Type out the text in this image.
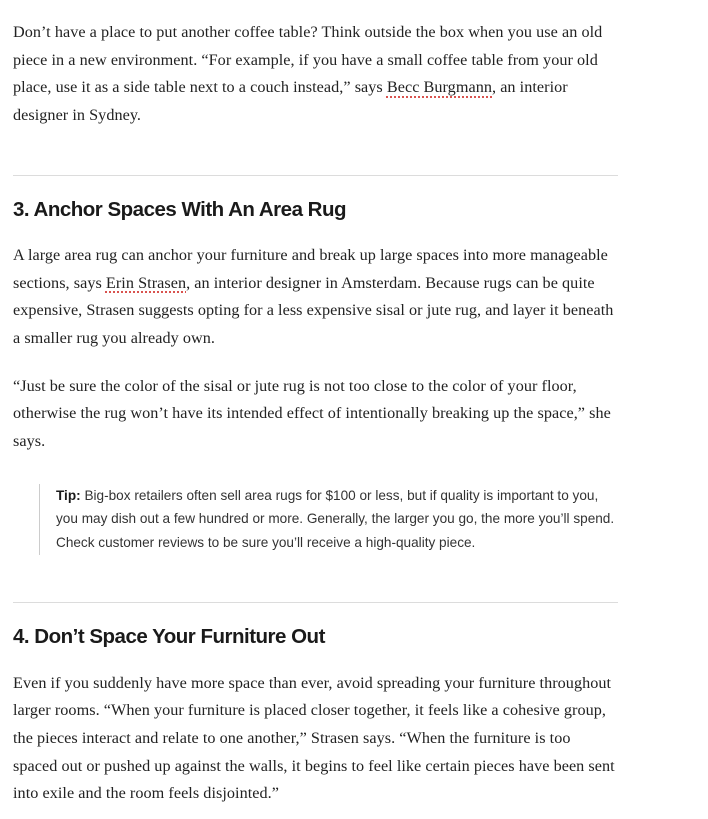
Don’t have a place to put another coffee table? Think outside the box when you use an old piece in a new environment. “For example, if you have a small coffee table from your old place, use it as a side table next to a couch instead,” says Becc Burgmann, an interior designer in Sydney.

3. Anchor Spaces With An Area Rug

A large area rug can anchor your furniture and break up large spaces into more manageable sections, says Erin Strasen, an interior designer in Amsterdam. Because rugs can be quite expensive, Strasen suggests opting for a less expensive sisal or jute rug, and layer it beneath a smaller rug you already own.

“Just be sure the color of the sisal or jute rug is not too close to the color of your floor, otherwise the rug won’t have its intended effect of intentionally breaking up the space,” she says.

Tip: Big-box retailers often sell area rugs for $100 or less, but if quality is important to you, you may dish out a few hundred or more. Generally, the larger you go, the more you’ll spend. Check customer reviews to be sure you’ll receive a high-quality piece.

4. Don’t Space Your Furniture Out

Even if you suddenly have more space than ever, avoid spreading your furniture throughout larger rooms. “When your furniture is placed closer together, it feels like a cohesive group, the pieces interact and relate to one another,” Strasen says. “When the furniture is too spaced out or pushed up against the walls, it begins to feel like certain pieces have been sent into exile and the room feels disjointed.”
